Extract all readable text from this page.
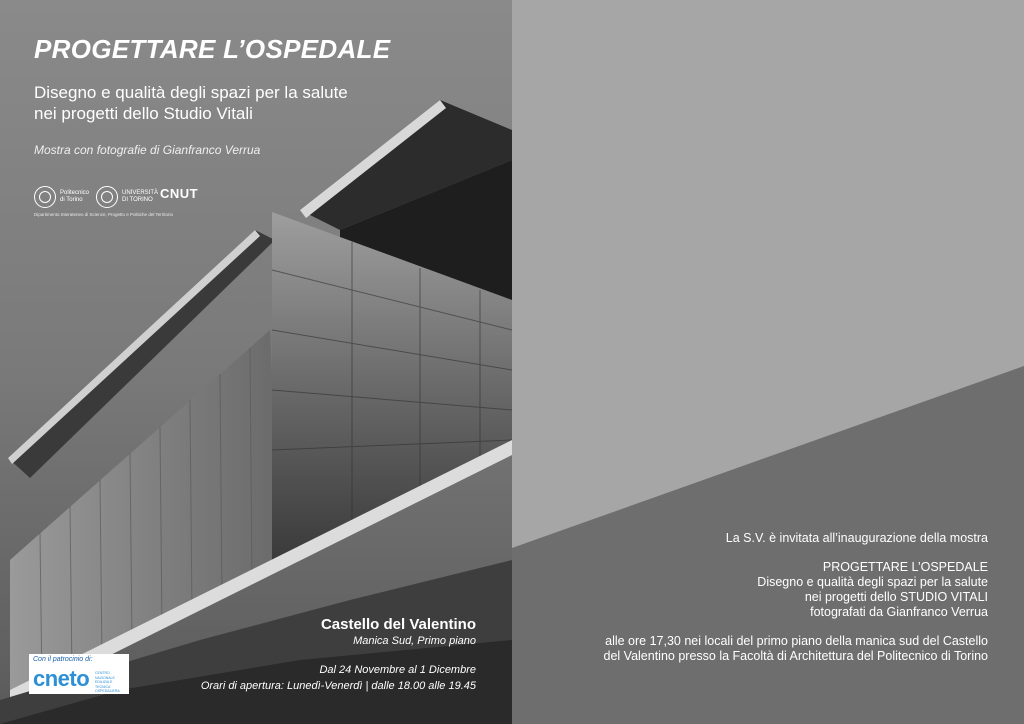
PROGETTARE L’OSPEDALE

Disegno e qualità degli spazi per la salute nei progetti dello Studio Vitali

Mostra con fotografie di Gianfranco Verrua

Politecnico di Torino
UNIVERSITÀ DI TORINO CNUT
Dipartimento Interateneo di Scienze, Progetto e Politiche del Territorio

Castello del Valentino

Manica Sud, Primo piano

Dal 24 Novembre al 1 Dicembre

Orari di apertura: Lunedì-Venerdì | dalle 18.00 alle 19.45

Con il patrocinio di:
cneto CENTRO NAZIONALE EDILIZIA E TECNICA OSPEDALIERA

La S.V. è invitata all’inaugurazione della mostra

PROGETTARE L’OSPEDALE

Disegno e qualità degli spazi per la salute

nei progetti dello STUDIO VITALI

fotografati da Gianfranco Verrua

alle ore 17,30 nei locali del primo piano della manica sud del Castello

del Valentino presso la Facoltà di Architettura del Politecnico di Torino
